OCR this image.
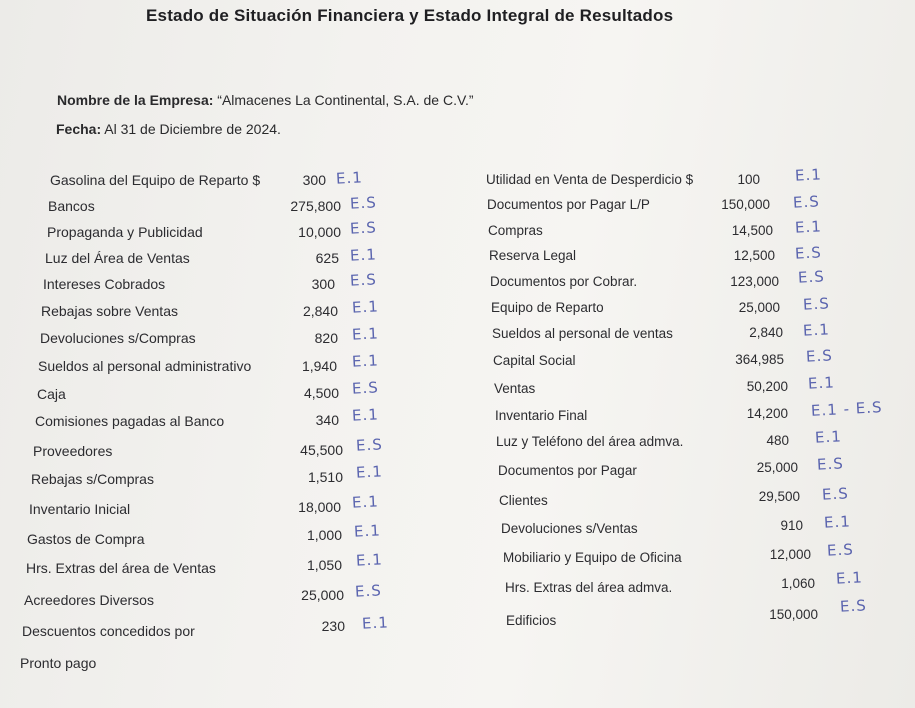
Estado de Situación Financiera y Estado Integral de Resultados
Nombre de la Empresa: “Almacenes La Continental, S.A. de C.V.”
Fecha: Al 31 de Diciembre de 2024.
Gasolina del Equipo de Reparto $	300 E.1
Bancos	275,800 E.S
Propaganda y Publicidad	10,000 E.S
Luz del Área de Ventas	625 E.1
Intereses Cobrados	300 E.S
Rebajas sobre Ventas	2,840 E.1
Devoluciones s/Compras	820 E.1
Sueldos al personal administrativo	1,940 E.1
Caja	4,500 E.S
Comisiones pagadas al Banco	340 E.1
Proveedores	45,500 E.S
Rebajas s/Compras	1,510 E.1
Inventario Inicial	18,000 E.1
Gastos de Compra	1,000 E.1
Hrs. Extras del área de Ventas	1,050 E.1
Acreedores Diversos	25,000 E.S
Descuentos concedidos por	230 E.1
Pronto pago
Utilidad en Venta de Desperdicio $	100 E.1
Documentos por Pagar L/P	150,000 E.S
Compras	14,500 E.1
Reserva Legal	12,500 E.S
Documentos por Cobrar.	123,000 E.S
Equipo de Reparto	25,000 E.S
Sueldos al personal de ventas	2,840 E.1
Capital Social	364,985 E.S
Ventas	50,200 E.1
Inventario Final	14,200 E.1 - E.S
Luz y Teléfono del área admva.	480 E.1
Documentos por Pagar	25,000 E.S
Clientes	29,500 E.S
Devoluciones s/Ventas	910 E.1
Mobiliario y Equipo de Oficina	12,000 E.S
Hrs. Extras del área admva.	1,060 E.1
Edificios	150,000 E.S
